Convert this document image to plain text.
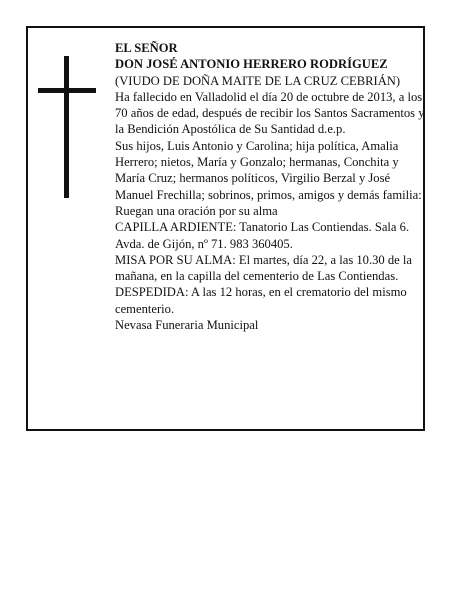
EL SEÑOR

DON JOSÉ ANTONIO HERRERO RODRÍGUEZ

(VIUDO DE DOÑA MAITE DE LA CRUZ CEBRIÁN)

Ha fallecido en Valladolid el día 20 de octubre de 2013, a los 70 años de edad, después de recibir los Santos Sacramentos y la Bendición Apostólica de Su Santidad d.e.p.

Sus hijos, Luis Antonio y Carolina; hija política, Amalia Herrero; nietos, María y Gonzalo; hermanas, Conchita y María Cruz; hermanos políticos, Virgilio Berzal y José Manuel Frechilla; sobrinos, primos, amigos y demás familia:

Ruegan una oración por su alma

CAPILLA ARDIENTE: Tanatorio Las Contiendas. Sala 6. Avda. de Gijón, nº 71. 983 360405.

MISA POR SU ALMA: El martes, día 22, a las 10.30 de la mañana, en la capilla del cementerio de Las Contiendas.

DESPEDIDA: A las 12 horas, en el crematorio del mismo cementerio.

Nevasa Funeraria Municipal
